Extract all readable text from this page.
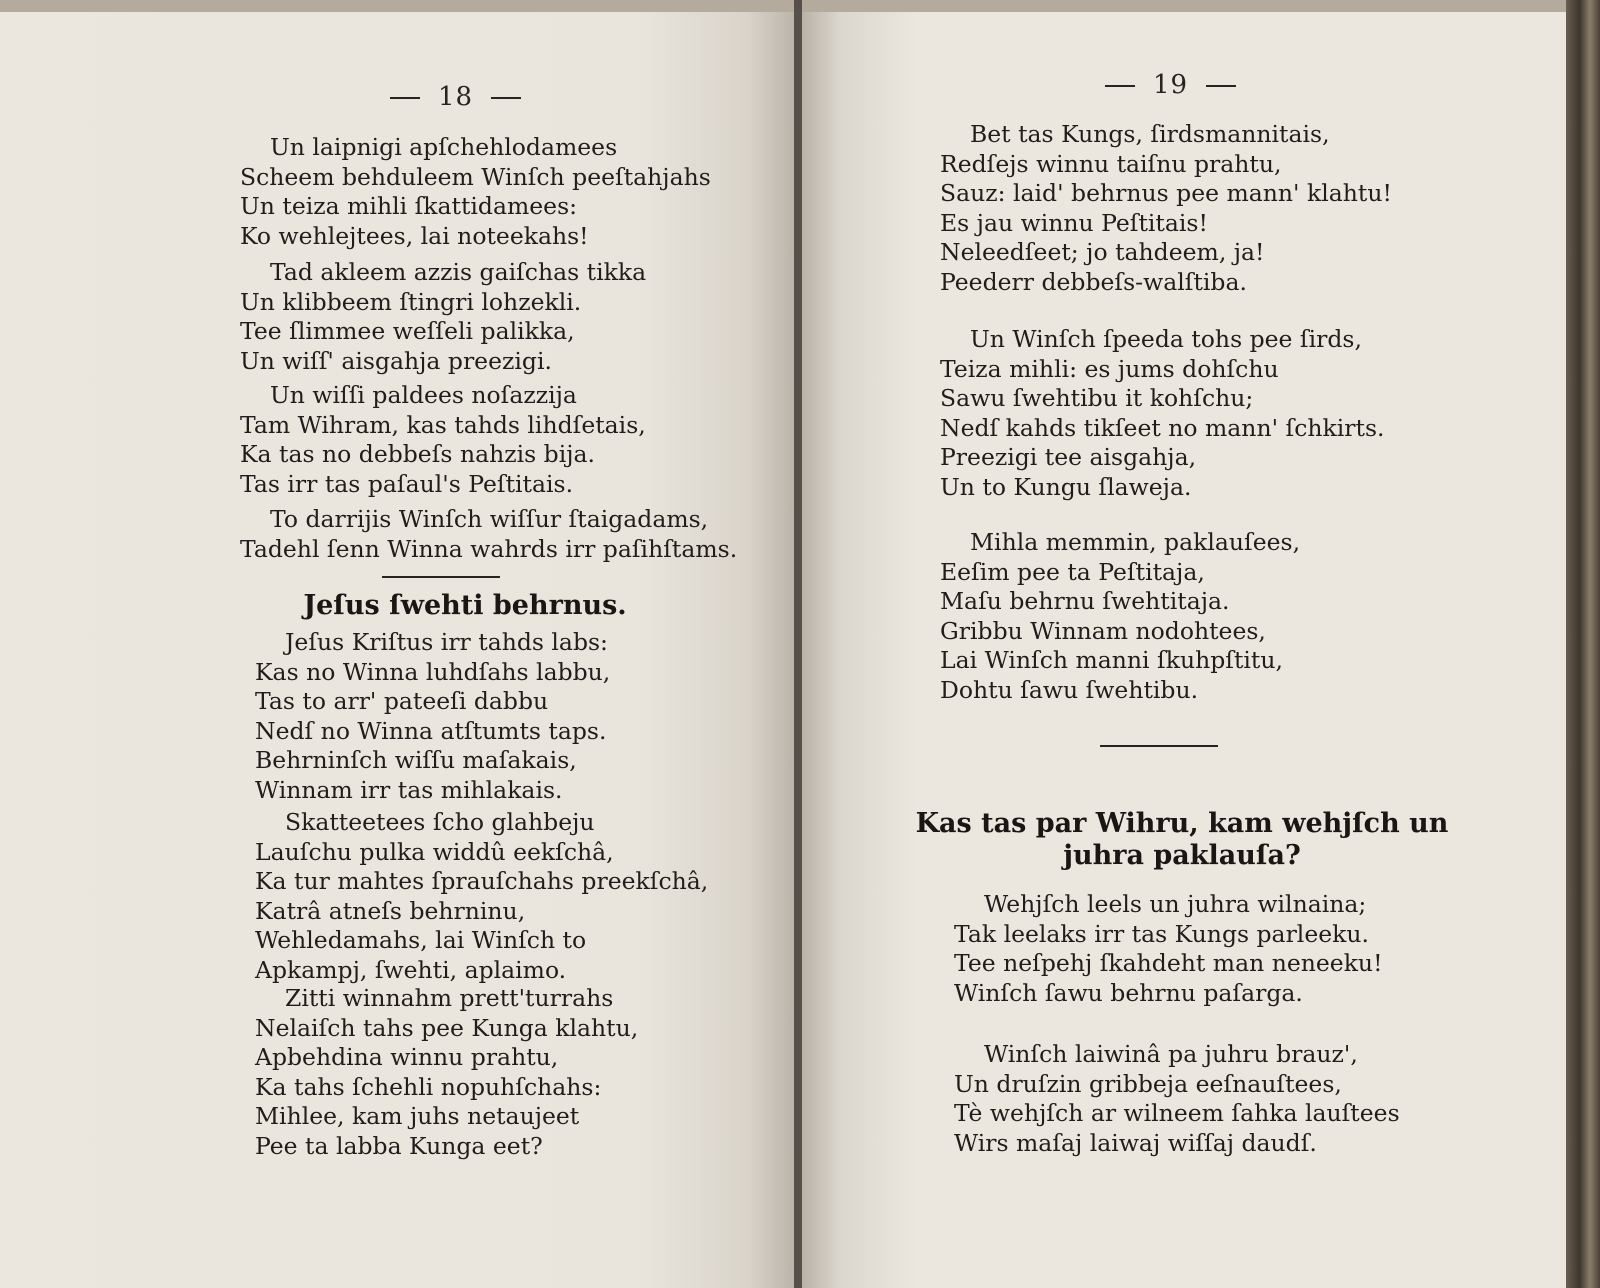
18
Un laipnigi apſchehlodamees
Scheem behduleem Winſch peeſtahjahs
Un teiza mihli ſkattidamees:
Ko wehlejtees, lai noteekahs!
Tad akleem azzis gaiſchas tikka
Un klibbeem ſtingri lohzekli.
Tee ſlimmee weſſeli palikka,
Un wiſſ' aisgahja preezigi.
Un wiſſi paldees noſazzija
Tam Wihram, kas tahds lihdſetais,
Ka tas no debbeſs nahzis bija.
Tas irr tas paſaul's Peſtitais.
To darrijis Winſch wiſſur ſtaigadams,
Tadehl ſenn Winna wahrds irr paſihſtams.
Jeſus ſwehti behrnus.
Jeſus Kriſtus irr tahds labs:
Kas no Winna luhdſahs labbu,
Tas to arr' pateeſi dabbu
Nedſ no Winna atſtumts taps.
Behrninſch wiſſu maſakais,
Winnam irr tas mihlakais.
Skatteetees ſcho glahbeju
Lauſchu pulka widdû eekſchâ,
Ka tur mahtes ſprauſchahs preekſchâ,
Katrâ atneſs behrninu,
Wehledamahs, lai Winſch to
Apkampj, ſwehti, aplaimo.
Zitti winnahm prett'turrahs
Nelaiſch tahs pee Kunga klahtu,
Apbehdina winnu prahtu,
Ka tahs ſchehli nopuhſchahs:
Mihlee, kam juhs netaujeet
Pee ta labba Kunga eet?
19
Bet tas Kungs, ſirdsmannitais,
Redſejs winnu taiſnu prahtu,
Sauz: laid' behrnus pee mann' klahtu!
Es jau winnu Peſtitais!
Neleedſeet; jo tahdeem, ja!
Peederr debbeſs-walſtiba.
Un Winſch ſpeeda tohs pee ſirds,
Teiza mihli: es jums dohſchu
Sawu ſwehtibu it kohſchu;
Nedſ kahds tikſeet no mann' ſchkirts.
Preezigi tee aisgahja,
Un to Kungu ſlaweja.
Mihla memmin, paklauſees,
Eeſim pee ta Peſtitaja,
Maſu behrnu ſwehtitaja.
Gribbu Winnam nodohtees,
Lai Winſch manni ſkuhpſtitu,
Dohtu ſawu ſwehtibu.
Kas tas par Wihru, kam wehjſch un
juhra paklauſa?
Wehjſch leels un juhra wilnaina;
Tak leelaks irr tas Kungs parleeku.
Tee neſpehj ſkahdeht man neneeku!
Winſch ſawu behrnu paſarga.
Winſch laiwinâ pa juhru brauz',
Un druſzin gribbeja eeſnauſtees,
Tè wehjſch ar wilneem ſahka lauſtees
Wirs maſaj laiwaj wiſſaj daudſ.
